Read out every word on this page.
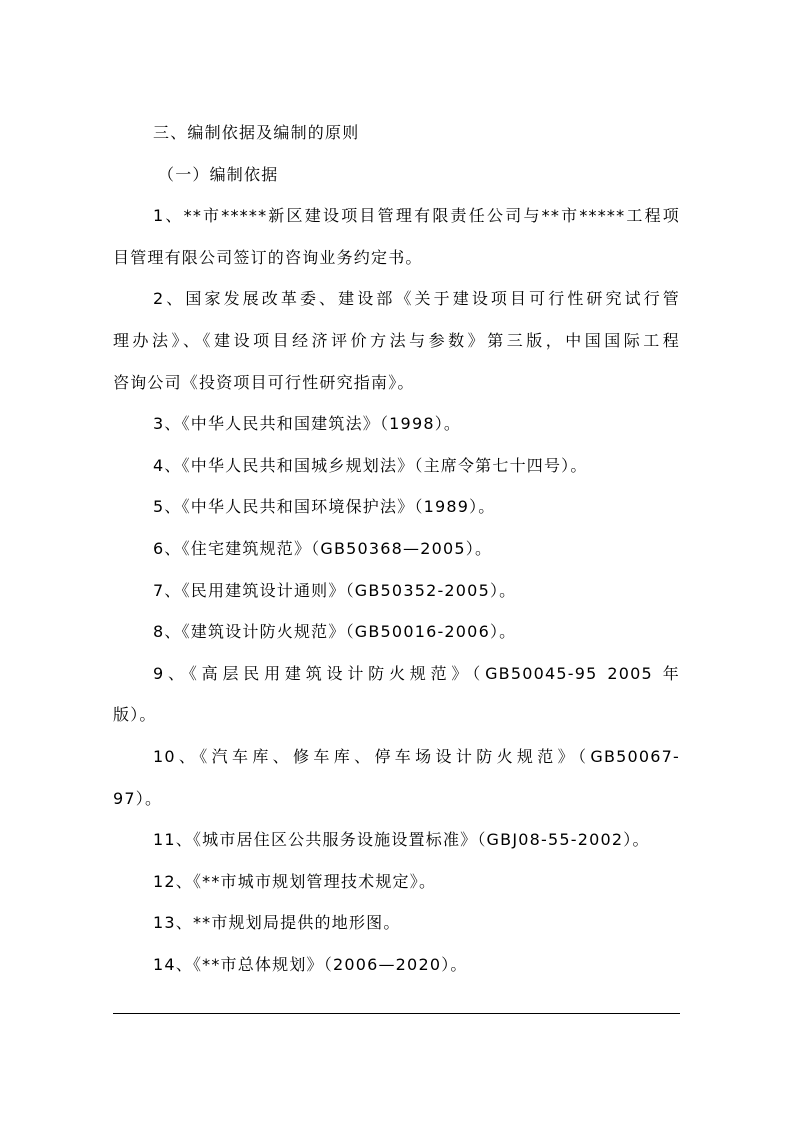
三、编制依据及编制的原则
（一）编制依据
1、**市*****新区建设项目管理有限责任公司与**市*****工程项
目管理有限公司签订的咨询业务约定书。
2、国家发展改革委、建设部《关于建设项目可行性研究试行管
理办法》、《建设项目经济评价方法与参数》第三版，中国国际工程
咨询公司《投资项目可行性研究指南》。
3、《中华人民共和国建筑法》（1998）。
4、《中华人民共和国城乡规划法》（主席令第七十四号）。
5、《中华人民共和国环境保护法》（1989）。
6、《住宅建筑规范》（GB50368—2005）。
7、《民用建筑设计通则》（GB50352-2005）。
8、《建筑设计防火规范》（GB50016-2006）。
9、《高层民用建筑设计防火规范》（GB50045-95 2005 年
版）。
10、《汽车库、修车库、停车场设计防火规范》（GB50067-
97）。
11、《城市居住区公共服务设施设置标准》（GBJ08-55-2002）。
12、《**市城市规划管理技术规定》。
13、**市规划局提供的地形图。
14、《**市总体规划》（2006—2020）。
